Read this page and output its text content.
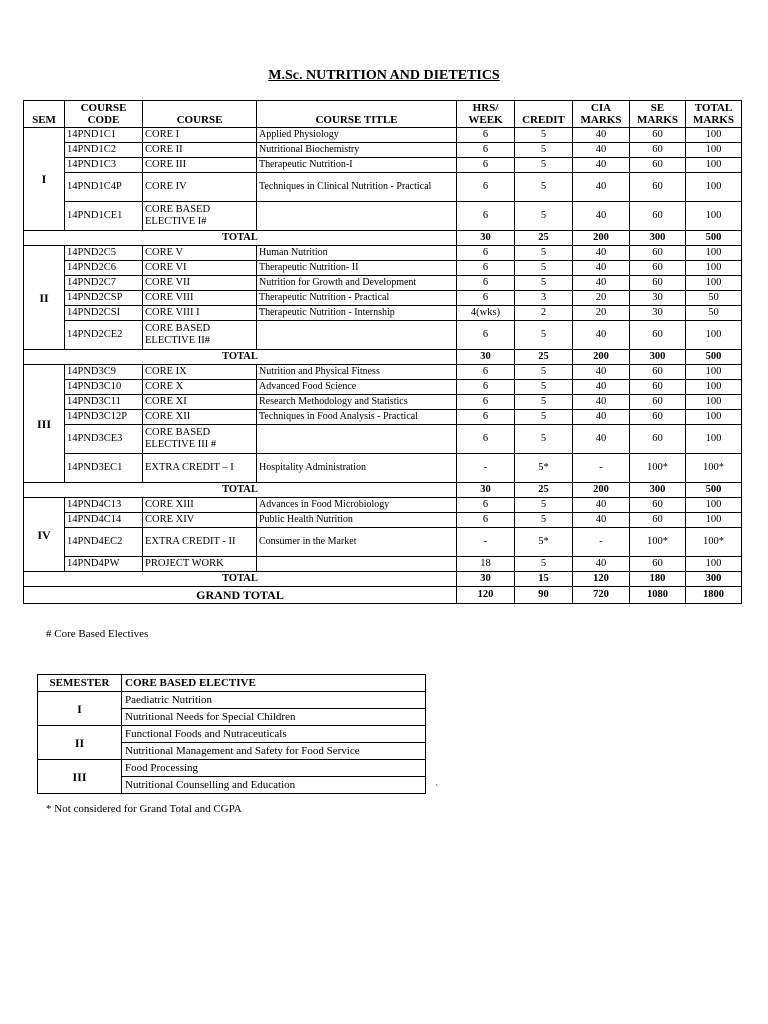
M.Sc. NUTRITION AND DIETETICS
SEM	COURSE CODE	COURSE	COURSE TITLE	HRS/ WEEK	CREDIT	CIA MARKS	SE MARKS	TOTAL MARKS
I	14PND1C1	CORE I	Applied Physiology	6	5	40	60	100
	14PND1C2	CORE II	Nutritional Biochemistry	6	5	40	60	100
	14PND1C3	CORE III	Therapeutic Nutrition-I	6	5	40	60	100
	14PND1C4P	CORE IV	Techniques in Clinical Nutrition - Practical	6	5	40	60	100
	14PND1CE1	CORE BASED ELECTIVE I#		6	5	40	60	100
TOTAL				30	25	200	300	500
II	14PND2C5	CORE V	Human Nutrition	6	5	40	60	100
	14PND2C6	CORE VI	Therapeutic Nutrition- II	6	5	40	60	100
	14PND2C7	CORE VII	Nutrition for Growth and Development	6	5	40	60	100
	14PND2CSP	CORE VIII	Therapeutic Nutrition - Practical	6	3	20	30	50
	14PND2CSI	CORE VIII I	Therapeutic Nutrition - Internship	4(wks)	2	20	30	50
	14PND2CE2	CORE BASED ELECTIVE II#		6	5	40	60	100
TOTAL				30	25	200	300	500
III	14PND3C9	CORE IX	Nutrition and Physical Fitness	6	5	40	60	100
	14PND3C10	CORE X	Advanced Food Science	6	5	40	60	100
	14PND3C11	CORE XI	Research Methodology and Statistics	6	5	40	60	100
	14PND3C12P	CORE XII	Techniques in Food Analysis - Practical	6	5	40	60	100
	14PND3CE3	CORE BASED ELECTIVE III #		6	5	40	60	100
	14PND3EC1	EXTRA CREDIT – I	Hospitality Administration	-	5*	-	100*	100*
TOTAL				30	25	200	300	500
IV	14PND4C13	CORE XIII	Advances in Food Microbiology	6	5	40	60	100
	14PND4C14	CORE XIV	Public Health Nutrition	6	5	40	60	100
	14PND4EC2	EXTRA CREDIT - II	Consumer in the Market	-	5*	-	100*	100*
	14PND4PW	PROJECT WORK		18	5	40	60	100
TOTAL				30	15	120	180	300
GRAND TOTAL				120	90	720	1080	1800
# Core Based Electives
SEMESTER	CORE BASED ELECTIVE
I	Paediatric Nutrition
	Nutritional Needs for Special Children
II	Functional Foods and Nutraceuticals
	Nutritional Management and Safety for Food Service
III	Food Processing
	Nutritional Counselling and Education	`
* Not considered for Grand Total and CGPA
